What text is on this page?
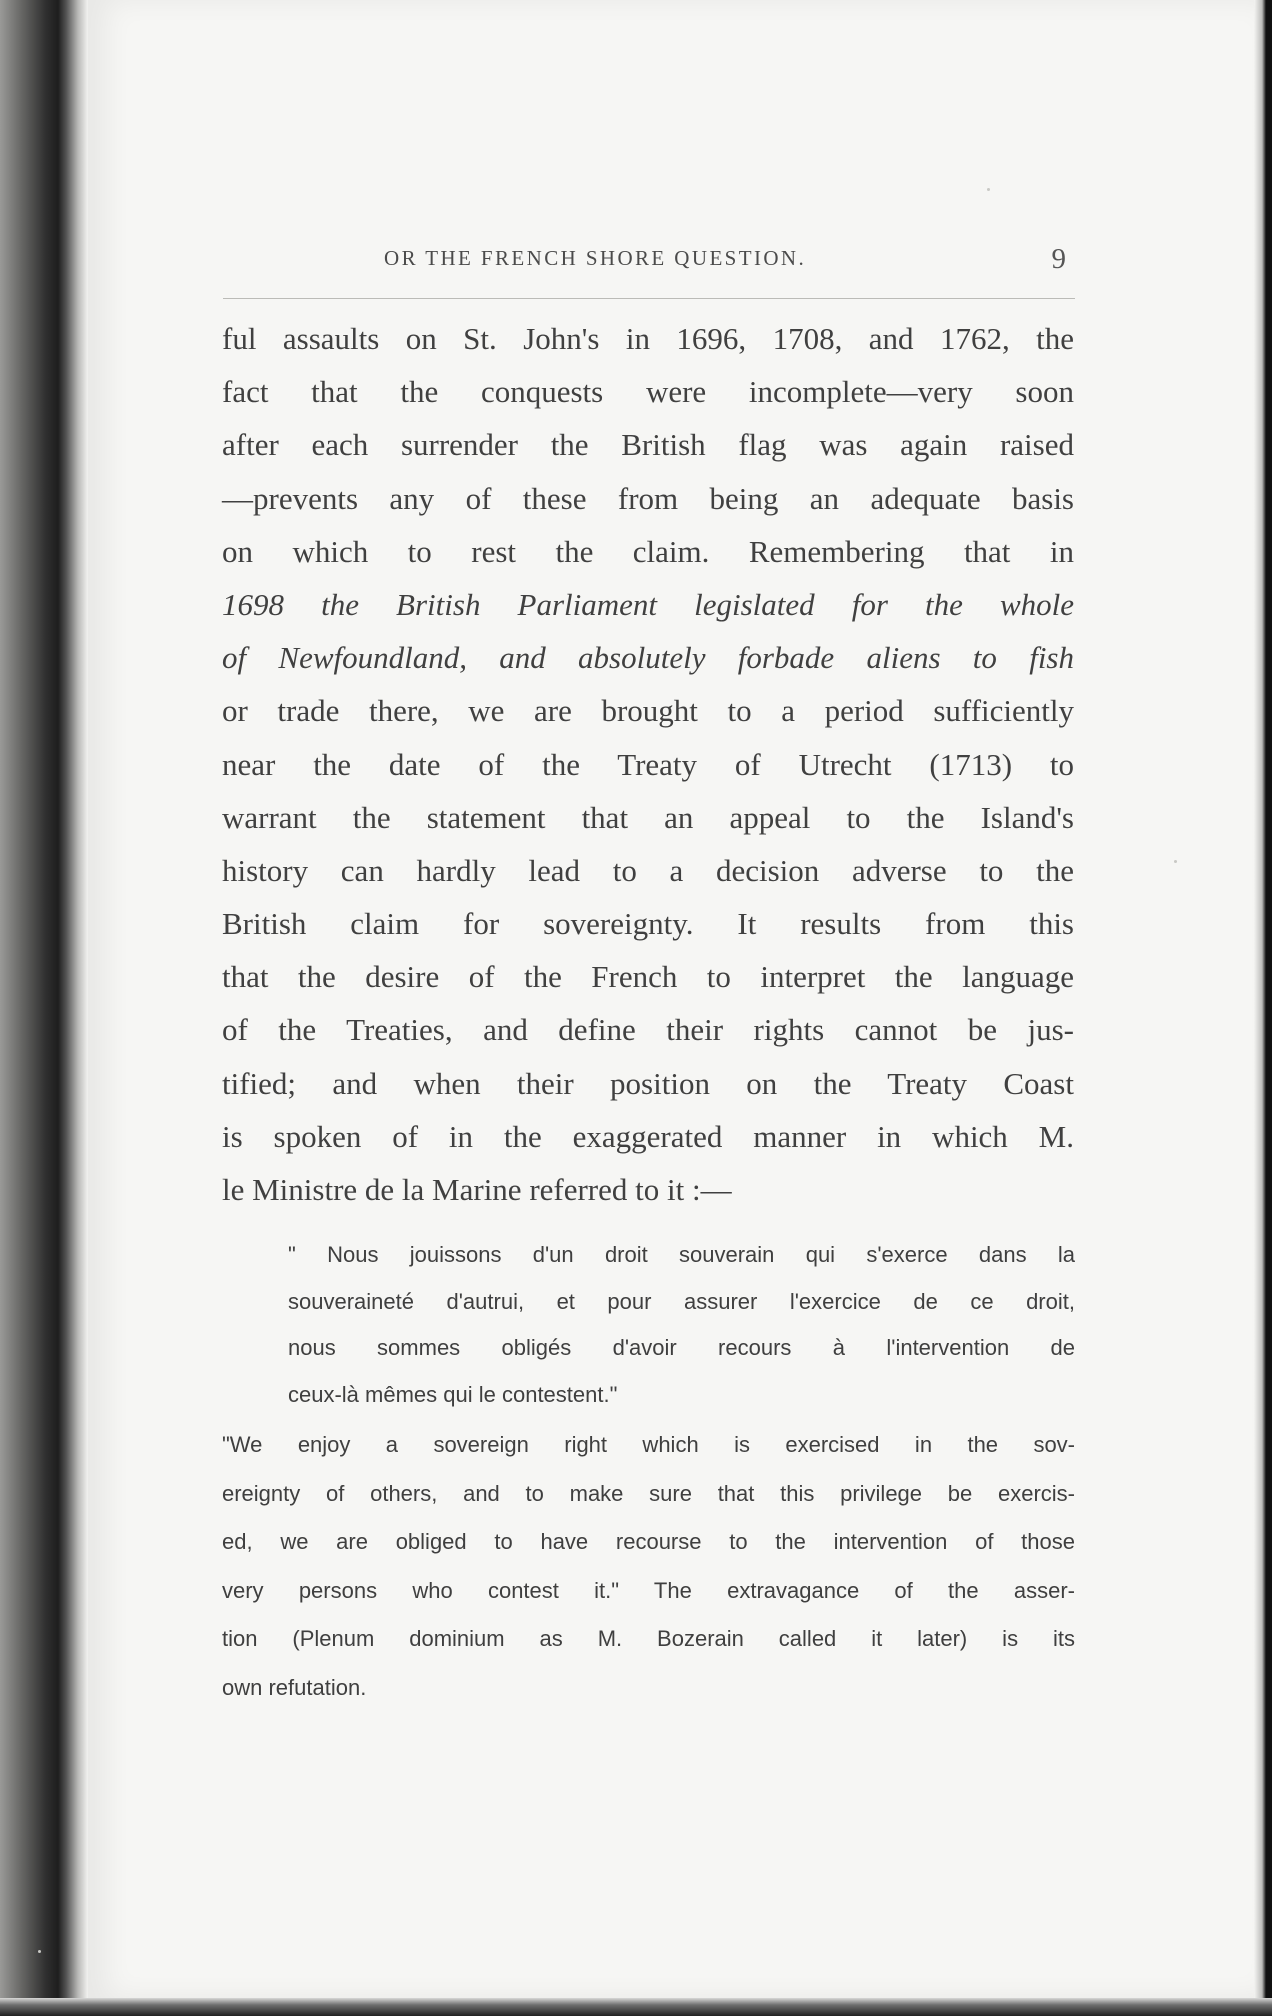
OR THE FRENCH SHORE QUESTION.	9
ful assaults on St. John's in 1696, 1708, and 1762, the
fact that the conquests were incomplete—very soon
after each surrender the British flag was again raised
—prevents any of these from being an adequate basis
on which to rest the claim. Remembering that in
1698 the British Parliament legislated for the whole
of Newfoundland, and absolutely forbade aliens to fish
or trade there, we are brought to a period sufficiently
near the date of the Treaty of Utrecht (1713) to
warrant the statement that an appeal to the Island's
history can hardly lead to a decision adverse to the
British claim for sovereignty. It results from this
that the desire of the French to interpret the language
of the Treaties, and define their rights cannot be jus-
tified; and when their position on the Treaty Coast
is spoken of in the exaggerated manner in which M.
le Ministre de la Marine referred to it :—
" Nous jouissons d'un droit souverain qui s'exerce dans la
souveraineté d'autrui, et pour assurer l'exercice de ce droit,
nous sommes obligés d'avoir recours à l'intervention de
ceux-là mêmes qui le contestent."
"We enjoy a sovereign right which is exercised in the sov-
ereignty of others, and to make sure that this privilege be exercis-
ed, we are obliged to have recourse to the intervention of those
very persons who contest it." The extravagance of the asser-
tion (Plenum dominium as M. Bozerain called it later) is its
own refutation.
